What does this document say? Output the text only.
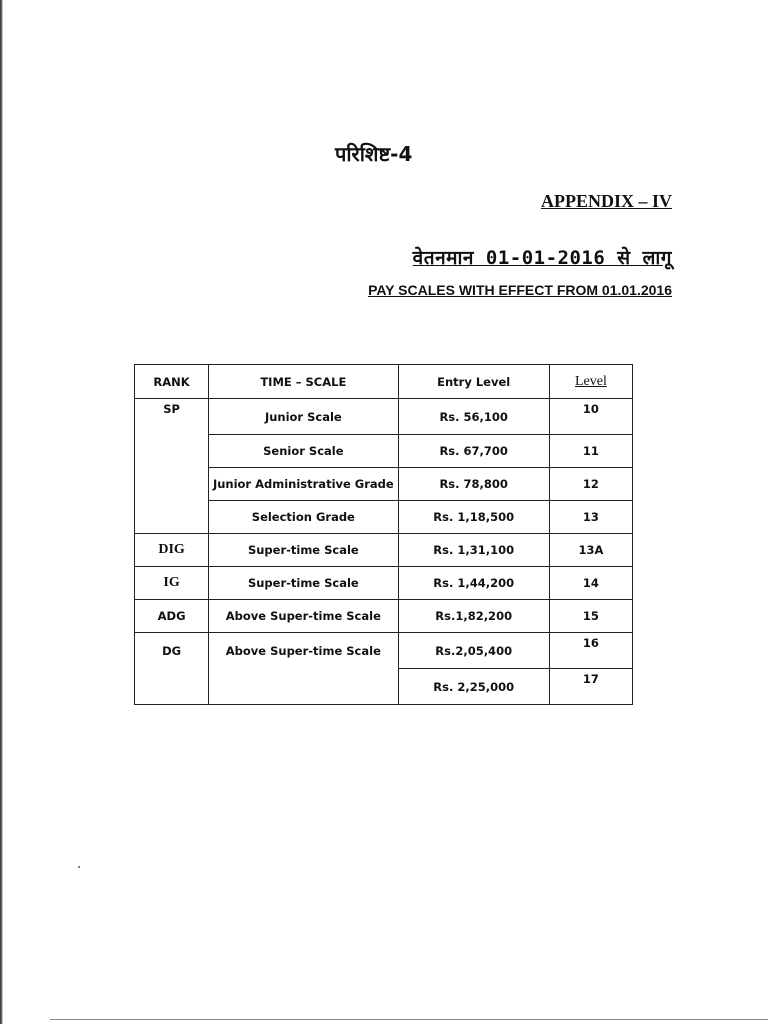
परिशिष्ट-4
APPENDIX – IV
वेतनमान 01-01-2016 से लागू
PAY SCALES WITH EFFECT FROM 01.01.2016
RANK	TIME – SCALE	Entry Level	Level
SP	Junior Scale	Rs. 56,100	10
	Senior Scale	Rs. 67,700	11
	Junior Administrative Grade	Rs. 78,800	12
	Selection Grade	Rs. 1,18,500	13
DIG	Super-time Scale	Rs. 1,31,100	13A
IG	Super-time Scale	Rs. 1,44,200	14
ADG	Above Super-time Scale	Rs.1,82,200	15
DG	Above Super-time Scale	Rs.2,05,400	16
		Rs. 2,25,000	17
